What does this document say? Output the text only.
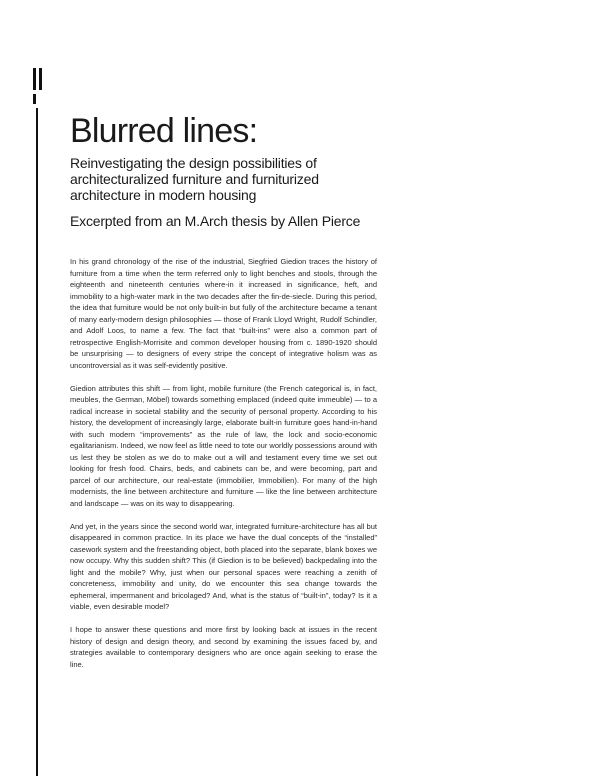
Blurred lines:
Reinvestigating the design possibilities of architecturalized furniture and furniturized architecture in modern housing
Excerpted from an M.Arch thesis by Allen Pierce

In his grand chronology of the rise of the industrial, Siegfried Giedion traces the history of furniture from a time when the term referred only to light benches and stools, through the eighteenth and nineteenth centuries where-in it increased in significance, heft, and immobility to a high-water mark in the two decades after the fin-de-siecle. During this period, the idea that furniture would be not only built-in but fully of the architecture became a tenant of many early-modern design philosophies — those of Frank Lloyd Wright, Rudolf Schindler, and Adolf Loos, to name a few. The fact that “built-ins” were also a common part of retrospective English-Morrisite and common developer housing from c. 1890-1920 should be unsurprising — to designers of every stripe the concept of integrative holism was as uncontroversial as it was self-evidently positive.

Giedion attributes this shift — from light, mobile furniture (the French categorical is, in fact, meubles, the German, Möbel) towards something emplaced (indeed quite immeuble) — to a radical increase in societal stability and the security of personal property. According to his history, the development of increasingly large, elaborate built-in furniture goes hand-in-hand with such modern “improvements” as the rule of law, the lock and socio-economic egalitarianism. Indeed, we now feel as little need to tote our worldly possessions around with us lest they be stolen as we do to make out a will and testament every time we set out looking for fresh food. Chairs, beds, and cabinets can be, and were becoming, part and parcel of our architecture, our real-estate (immobilier, Immobilien). For many of the high modernists, the line between architecture and furniture — like the line between architecture and landscape — was on its way to disappearing.

And yet, in the years since the second world war, integrated furniture-architecture has all but disappeared in common practice. In its place we have the dual concepts of the “installed” casework system and the freestanding object, both placed into the separate, blank boxes we now occupy. Why this sudden shift? This (if Giedion is to be believed) backpedaling into the light and the mobile? Why, just when our personal spaces were reaching a zenith of concreteness, immobility and unity, do we encounter this sea change towards the ephemeral, impermanent and bricolaged? And, what is the status of “built-in”, today? Is it a viable, even desirable model?

I hope to answer these questions and more first by looking back at issues in the recent history of design and design theory, and second by examining the issues faced by, and strategies available to contemporary designers who are once again seeking to erase the line.
